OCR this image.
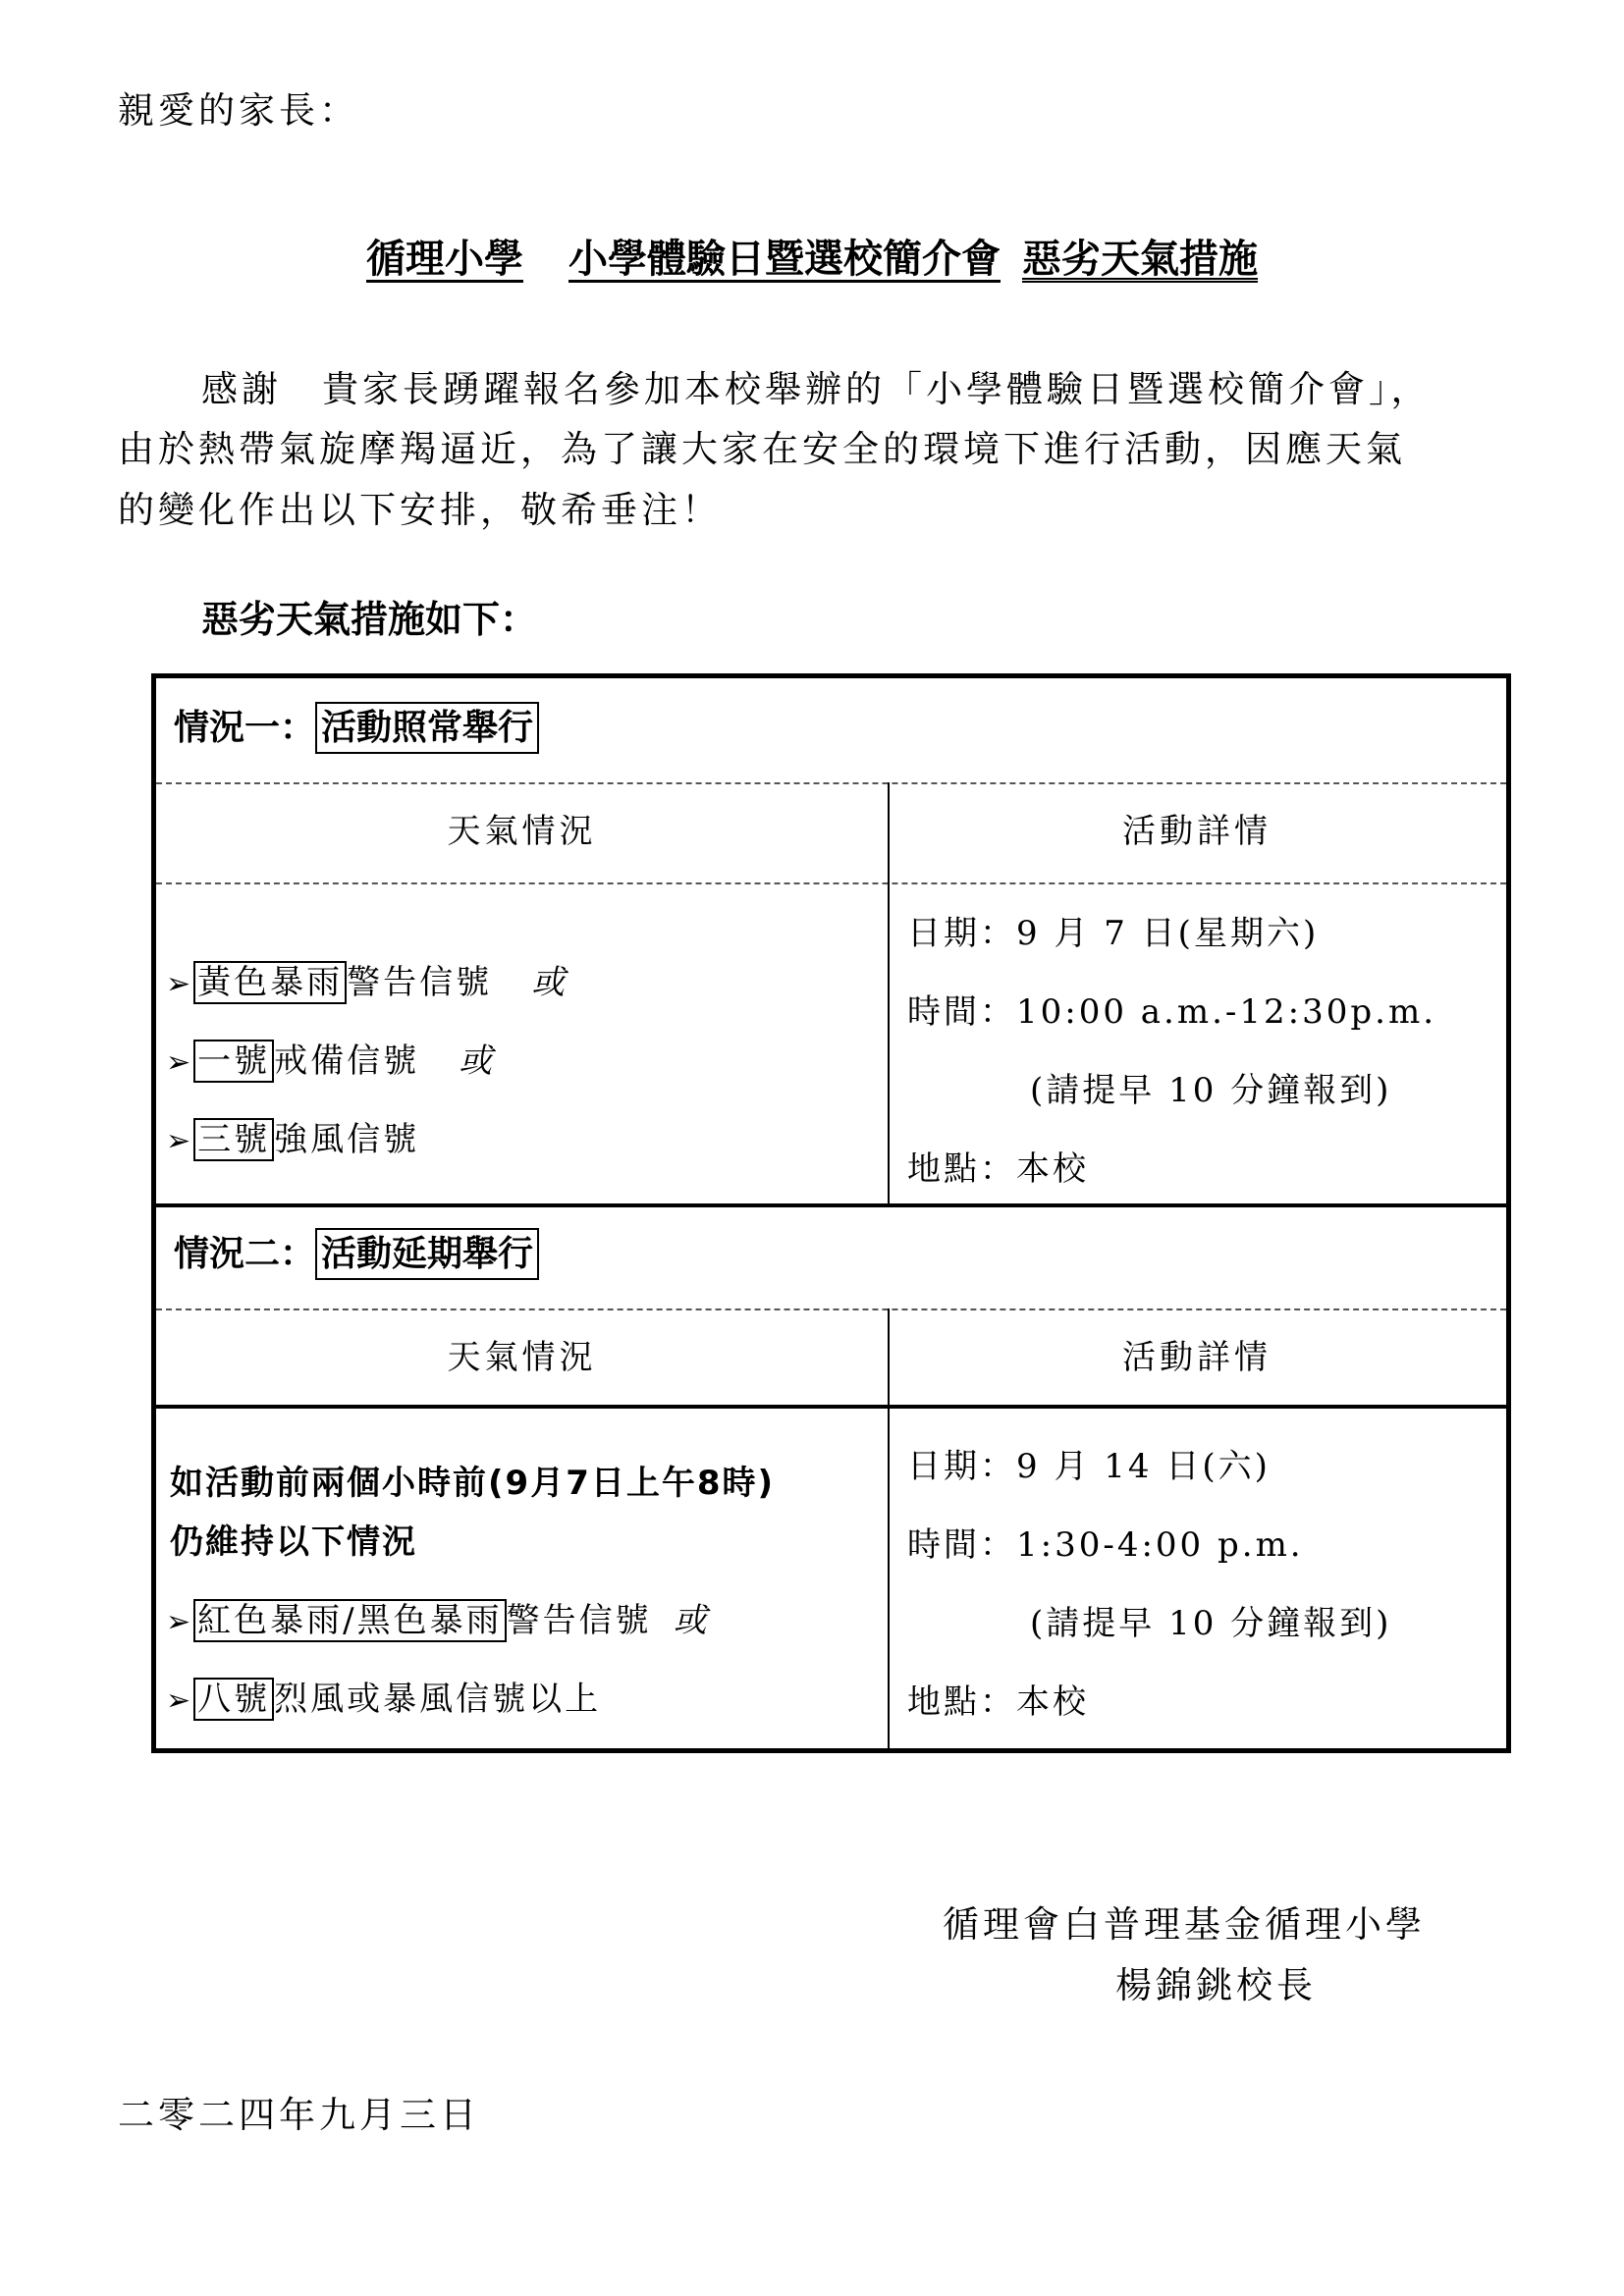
親愛的家長：
循理小學 小學體驗日暨選校簡介會 惡劣天氣措施
感謝　貴家長踴躍報名參加本校舉辦的「小學體驗日暨選校簡介會」，
由於熱帶氣旋摩羯逼近，為了讓大家在安全的環境下進行活動，因應天氣
的變化作出以下安排，敬希垂注！
惡劣天氣措施如下：
情況一： 活動照常舉行
天氣情況	活動詳情
➢ 黃色暴雨 警告信號 或
➢ 一號 戒備信號 或
➢ 三號 強風信號
日期：9 月 7 日(星期六)
時間：10:00 a.m.-12:30p.m.
(請提早 10 分鐘報到)
地點：本校
情況二： 活動延期舉行
天氣情況	活動詳情
如活動前兩個小時前(9月7日上午8時)
仍維持以下情況
➢ 紅色暴雨/黑色暴雨 警告信號 或
➢ 八號 烈風或暴風信號以上
日期：9 月 14 日(六)
時間：1:30-4:00 p.m.
(請提早 10 分鐘報到)
地點：本校
循理會白普理基金循理小學
楊錦銚校長
二零二四年九月三日
